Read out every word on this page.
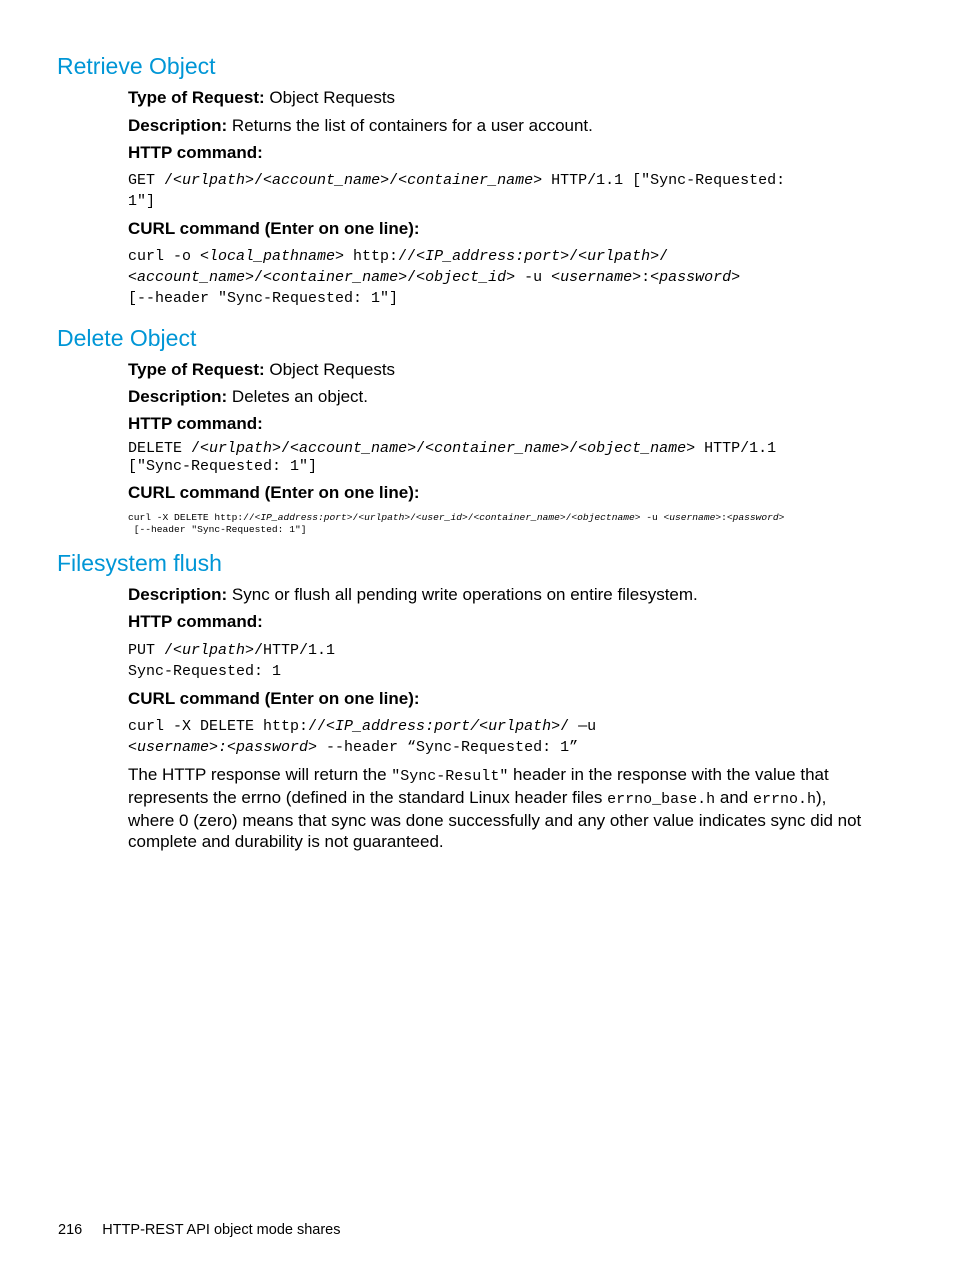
Retrieve Object

Type of Request: Object Requests

Description: Returns the list of containers for a user account.

HTTP command:

GET /<urlpath>/<account_name>/<container_name> HTTP/1.1 ["Sync-Requested:
1"]

CURL command (Enter on one line):

curl -o <local_pathname> http://<IP_address:port>/<urlpath>/
<account_name>/<container_name>/<object_id> -u <username>:<password>
[--header "Sync-Requested: 1"]
Delete Object

Type of Request: Object Requests

Description: Deletes an object.

HTTP command:

DELETE /<urlpath>/<account_name>/<container_name>/<object_name> HTTP/1.1
["Sync-Requested: 1"]

CURL command (Enter on one line):

curl -X DELETE http://<IP_address:port>/<urlpath>/<user_id>/<container_name>/<objectname> -u <username>:<password>
[--header "Sync-Requested: 1"]
Filesystem flush

Description: Sync or flush all pending write operations on entire filesystem.

HTTP command:

PUT /<urlpath>/HTTP/1.1
Sync-Requested: 1

CURL command (Enter on one line):

curl -X DELETE http://<IP_address:port/<urlpath>/ —u
<username>:<password> --header “Sync-Requested: 1”

The HTTP response will return the "Sync-Result" header in the response with the value that represents the errno (defined in the standard Linux header files errno_base.h and errno.h), where 0 (zero) means that sync was done successfully and any other value indicates sync did not complete and durability is not guaranteed.

216 HTTP-REST API object mode shares
